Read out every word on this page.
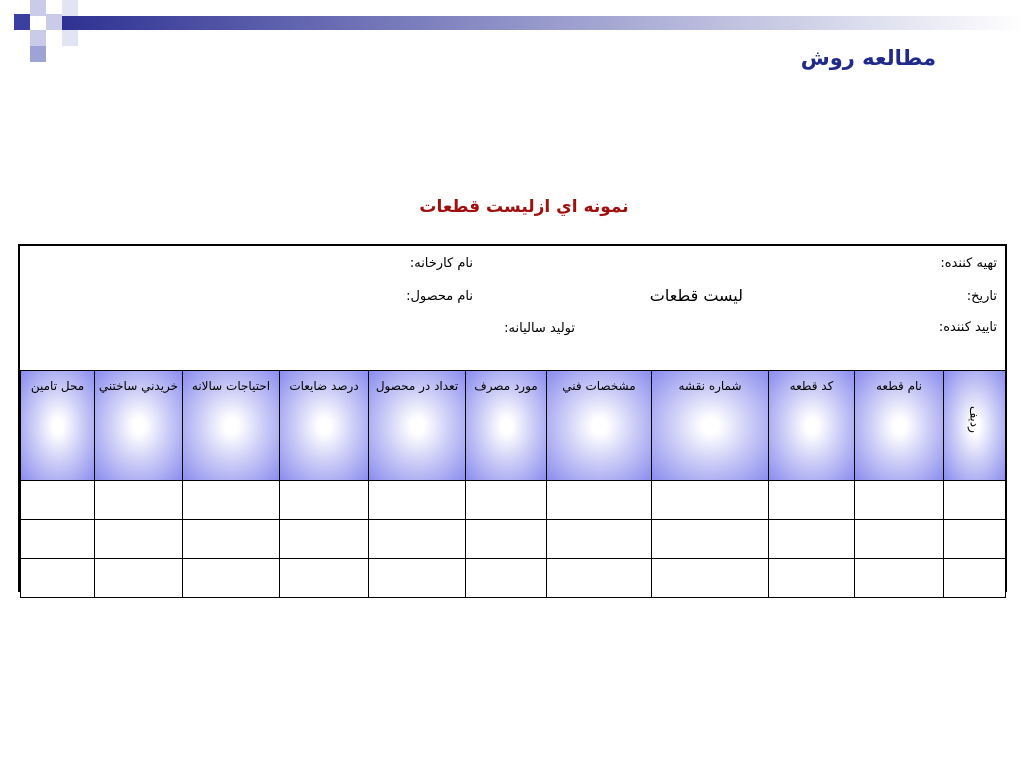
مطالعه روش
نمونه اي ازليست قطعات
تهيه كننده:
تاريخ:
تاييد كننده:
نام كارخانه:
نام محصول:	ليست قطعات
توليد ساليانه:
رديف	نام قطعه	كد قطعه	شماره نقشه	مشخصات فني	مورد مصرف	تعداد در محصول	درصد ضايعات	احتياجات سالانه	خريدني ساختني	محل تامين
